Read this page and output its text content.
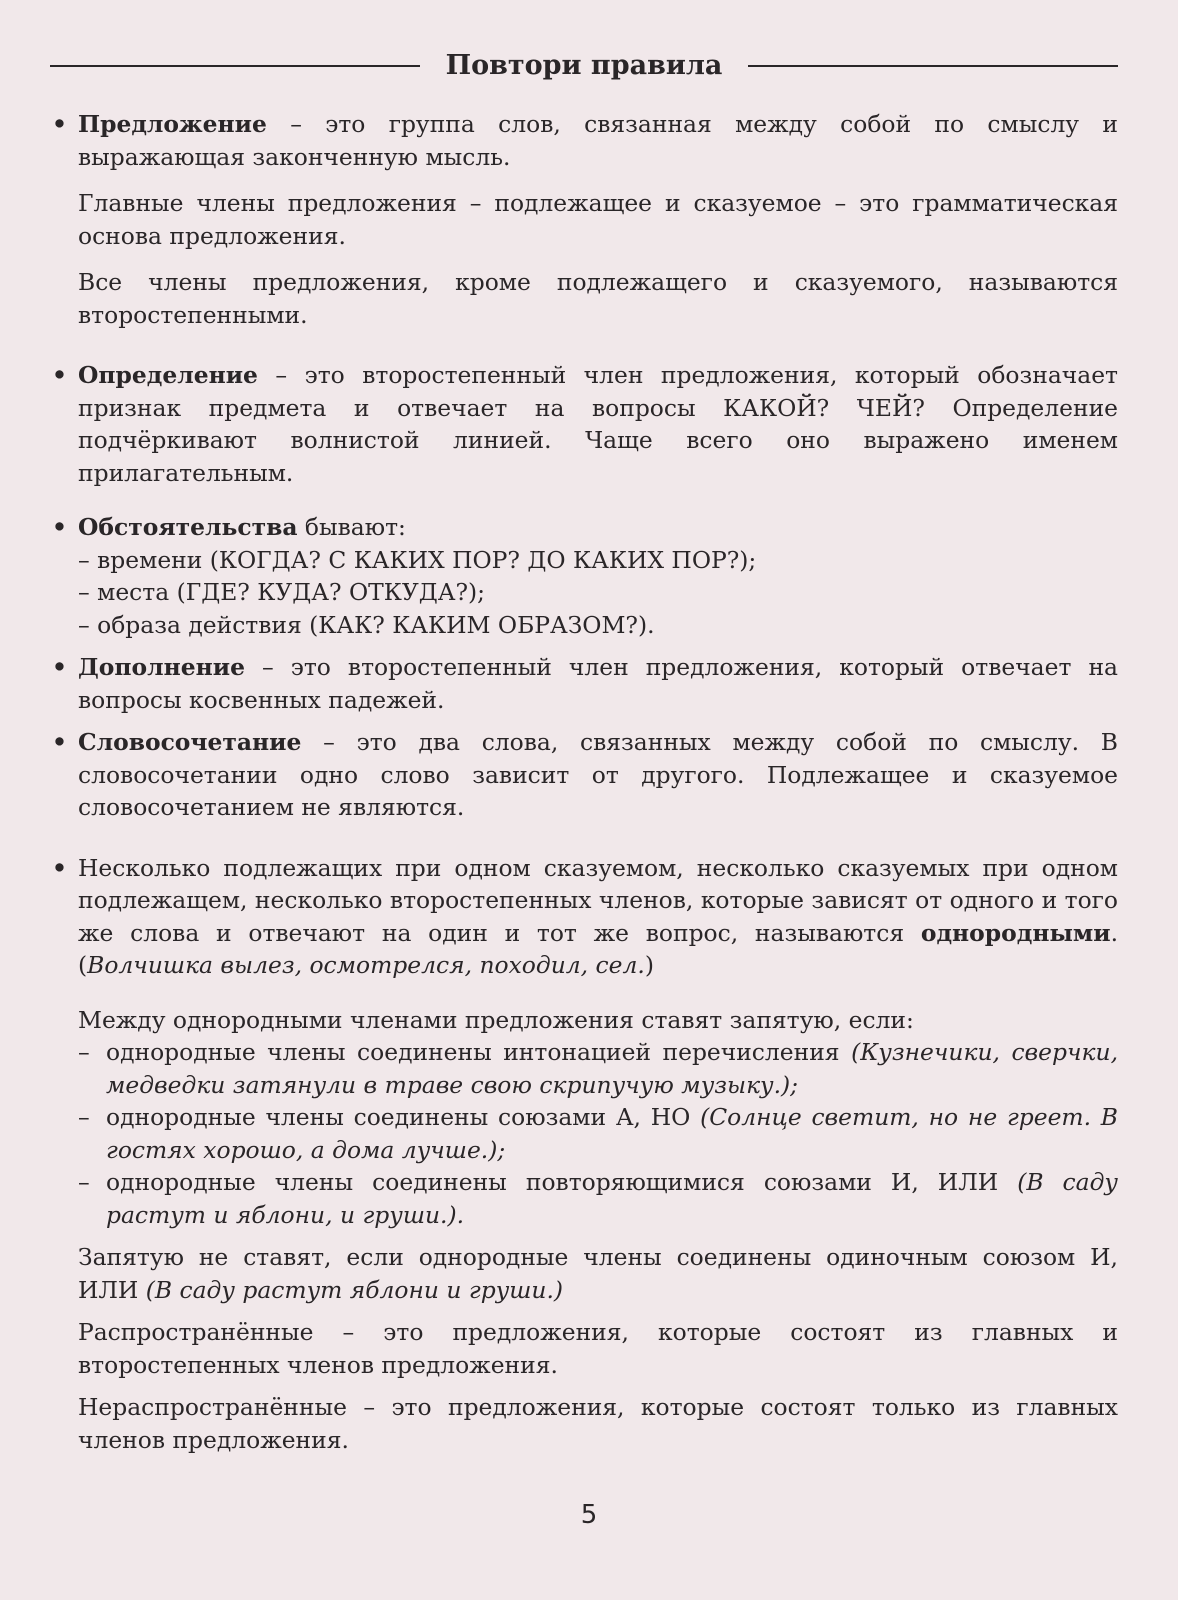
Повтори правила
• Предложение – это группа слов, связанная между собой по смыслу и выражающая законченную мысль.

Главные члены предложения – подлежащее и сказуемое – это грамматическая основа предложения.

Все члены предложения, кроме подлежащего и сказуемого, называются второстепенными.

• Определение – это второстепенный член предложения, который обозначает признак предмета и отвечает на вопросы КАКОЙ? ЧЕЙ? Определение подчёркивают волнистой линией. Чаще всего оно выражено именем прилагательным.

• Обстоятельства бывают:

– времени (КОГДА? С КАКИХ ПОР? ДО КАКИХ ПОР?);

– места (ГДЕ? КУДА? ОТКУДА?);

– образа действия (КАК? КАКИМ ОБРАЗОМ?).

• Дополнение – это второстепенный член предложения, который отвечает на вопросы косвенных падежей.

• Словосочетание – это два слова, связанных между собой по смыслу. В словосочетании одно слово зависит от другого. Подлежащее и сказуемое словосочетанием не являются.

• Несколько подлежащих при одном сказуемом, несколько сказуемых при одном подлежащем, несколько второстепенных членов, которые зависят от одного и того же слова и отвечают на один и тот же вопрос, называются однородными. (Волчишка вылез, осмотрелся, походил, сел.)

Между однородными членами предложения ставят запятую, если:

– однородные члены соединены интонацией перечисления (Кузнечики, сверчки, медведки затянули в траве свою скрипучую музыку.);

– однородные члены соединены союзами А, НО (Солнце светит, но не греет. В гостях хорошо, а дома лучше.);

– однородные члены соединены повторяющимися союзами И, ИЛИ (В саду растут и яблони, и груши.).

Запятую не ставят, если однородные члены соединены одиночным союзом И, ИЛИ (В саду растут яблони и груши.)

Распространённые – это предложения, которые состоят из главных и второстепенных членов предложения.

Нераспространённые – это предложения, которые состоят только из главных членов предложения.

5
